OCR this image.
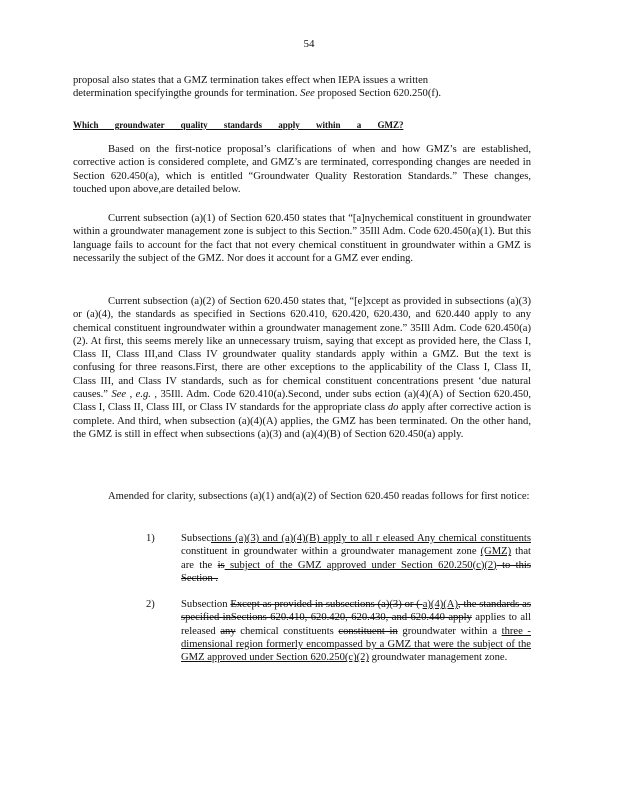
54

proposal also states that a GMZ termination takes effect when IEPA issues a written

determination specifyingthe grounds for termination. See proposed Section 620.250(f).

Which groundwater quality standards apply within a GMZ?
Based on the first-notice proposal’s clarifications of when and how GMZ’s are established, corrective action is considered complete, and GMZ’s are terminated, corresponding changes are needed in Section 620.450(a), which is entitled “Groundwater Quality Restoration Standards.” These changes, touched upon above,are detailed below.
Current subsection (a)(1) of Section 620.450 states that “[a]nychemical constituent in groundwater within a groundwater management zone is subject to this Section.” 35Ill Adm. Code 620.450(a)(1). But this language fails to account for the fact that not every chemical constituent in groundwater within a GMZ is necessarily the subject of the GMZ. Nor does it account for a GMZ ever ending.
Current subsection (a)(2) of Section 620.450 states that, “[e]xcept as provided in subsections (a)(3) or (a)(4), the standards as specified in Sections 620.410, 620.420, 620.430, and 620.440 apply to any chemical constituent ingroundwater within a groundwater management zone.” 35Ill Adm. Code 620.450(a)(2). At first, this seems merely like an unnecessary truism, saying that except as provided here, the Class I, Class II, Class III,and Class IV groundwater quality standards apply within a GMZ. But the text is confusing for three reasons.First, there are other exceptions to the applicability of the Class I, Class II, Class III, and Class IV standards, such as for chemical constituent concentrations present ‘due natural causes.” See , e.g. , 35Ill. Adm. Code 620.410(a).Second, under subs ection (a)(4)(A) of Section 620.450, Class I, Class II, Class III, or Class IV standards for the appropriate class do apply after corrective action is complete. And third, when subsection (a)(4)(A) applies, the GMZ has been terminated. On the other hand, the GMZ is still in effect when subsections (a)(3) and (a)(4)(B) of Section 620.450(a) apply.
Amended for clarity, subsections (a)(1) and(a)(2) of Section 620.450 readas follows for first notice:
1)	Subsections (a)(3) and (a)(4)(B) apply to all r eleased Any chemical constituents constituent in groundwater within a groundwater management zone (GMZ) that are the is subject of the GMZ approved under Section 620.250(c)(2) to this Section .
2)	Subsection Except as provided in subsections (a)(3) or ( a)(4)(A), the standards as specified inSections 620.410, 620.420, 620.430, and 620.440 apply applies to all released any chemical constituents constituent in groundwater within a three -dimensional region formerly encompassed by a GMZ that were the subject of the GMZ approved under Section 620.250(c)(2) groundwater management zone.
